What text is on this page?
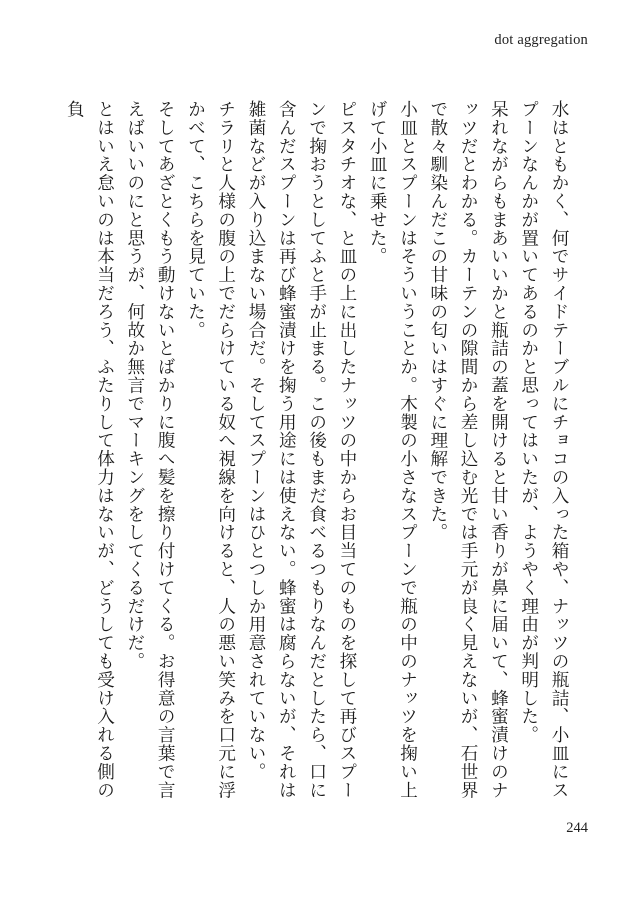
dot aggregation

水はともかく、何でサイドテーブルにチョコの入った箱や、ナッツの瓶詰、小皿にスプーンなんかが置いてあるのかと思ってはいたが、ようやく理由が判明した。

呆れながらもまあいいかと瓶詰の蓋を開けると甘い香りが鼻に届いて、蜂蜜漬けのナッツだとわかる。カーテンの隙間から差し込む光では手元が良く見えないが、石世界で散々馴染んだこの甘味の匂いはすぐに理解できた。

小皿とスプーンはそういうことか。木製の小さなスプーンで瓶の中のナッツを掬い上げて小皿に乗せた。

ピスタチオな、と皿の上に出したナッツの中からお目当てのものを探して再びスプーンで掬おうとしてふと手が止まる。この後もまだ食べるつもりなんだとしたら、口に含んだスプーンは再び蜂蜜漬けを掬う用途には使えない。蜂蜜は腐らないが、それは雑菌などが入り込まない場合だ。そしてスプーンはひとつしか用意されていない。

チラリと人様の腹の上でだらけている奴へ視線を向けると、人の悪い笑みを口元に浮かべて、こちらを見ていた。

そしてあざとくもう動けないとばかりに腹へ髪を擦り付けてくる。お得意の言葉で言えばいいのにと思うが、何故か無言でマーキングをしてくるだけだ。

とはいえ怠いのは本当だろう、ふたりして体力はないが、どうしても受け入れる側の負

244
